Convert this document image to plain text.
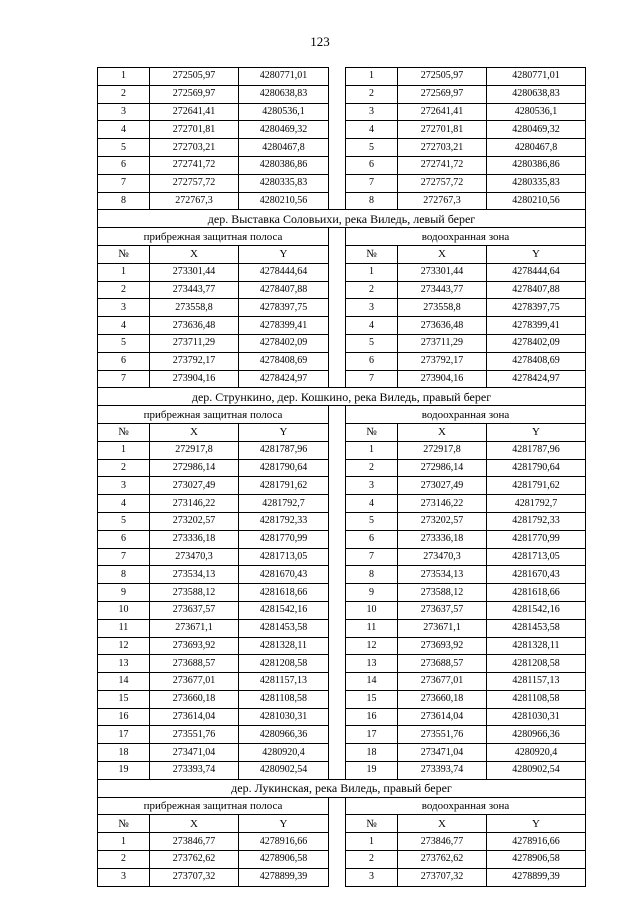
123
1	272505,97	4280771,01		1	272505,97	4280771,01
2	272569,97	4280638,83		2	272569,97	4280638,83
3	272641,41	4280536,1		3	272641,41	4280536,1
4	272701,81	4280469,32		4	272701,81	4280469,32
5	272703,21	4280467,8		5	272703,21	4280467,8
6	272741,72	4280386,86		6	272741,72	4280386,86
7	272757,72	4280335,83		7	272757,72	4280335,83
8	272767,3	4280210,56		8	272767,3	4280210,56
дер. Выставка Соловьихи, река Виледь, левый берег						
прибрежная защитная полоса				водоохранная зона		
№	X	Y		№	X	Y
1	273301,44	4278444,64		1	273301,44	4278444,64
2	273443,77	4278407,88		2	273443,77	4278407,88
3	273558,8	4278397,75		3	273558,8	4278397,75
4	273636,48	4278399,41		4	273636,48	4278399,41
5	273711,29	4278402,09		5	273711,29	4278402,09
6	273792,17	4278408,69		6	273792,17	4278408,69
7	273904,16	4278424,97		7	273904,16	4278424,97
дер. Стрункино, дер. Кошкино, река Виледь, правый берег						
прибрежная защитная полоса				водоохранная зона		
№	X	Y		№	X	Y
1	272917,8	4281787,96		1	272917,8	4281787,96
2	272986,14	4281790,64		2	272986,14	4281790,64
3	273027,49	4281791,62		3	273027,49	4281791,62
4	273146,22	4281792,7		4	273146,22	4281792,7
5	273202,57	4281792,33		5	273202,57	4281792,33
6	273336,18	4281770,99		6	273336,18	4281770,99
7	273470,3	4281713,05		7	273470,3	4281713,05
8	273534,13	4281670,43		8	273534,13	4281670,43
9	273588,12	4281618,66		9	273588,12	4281618,66
10	273637,57	4281542,16		10	273637,57	4281542,16
11	273671,1	4281453,58		11	273671,1	4281453,58
12	273693,92	4281328,11		12	273693,92	4281328,11
13	273688,57	4281208,58		13	273688,57	4281208,58
14	273677,01	4281157,13		14	273677,01	4281157,13
15	273660,18	4281108,58		15	273660,18	4281108,58
16	273614,04	4281030,31		16	273614,04	4281030,31
17	273551,76	4280966,36		17	273551,76	4280966,36
18	273471,04	4280920,4		18	273471,04	4280920,4
19	273393,74	4280902,54		19	273393,74	4280902,54
дер. Лукинская, река Виледь, правый берег						
прибрежная защитная полоса				водоохранная зона		
№	X	Y		№	X	Y
1	273846,77	4278916,66		1	273846,77	4278916,66
2	273762,62	4278906,58		2	273762,62	4278906,58
3	273707,32	4278899,39		3	273707,32	4278899,39
